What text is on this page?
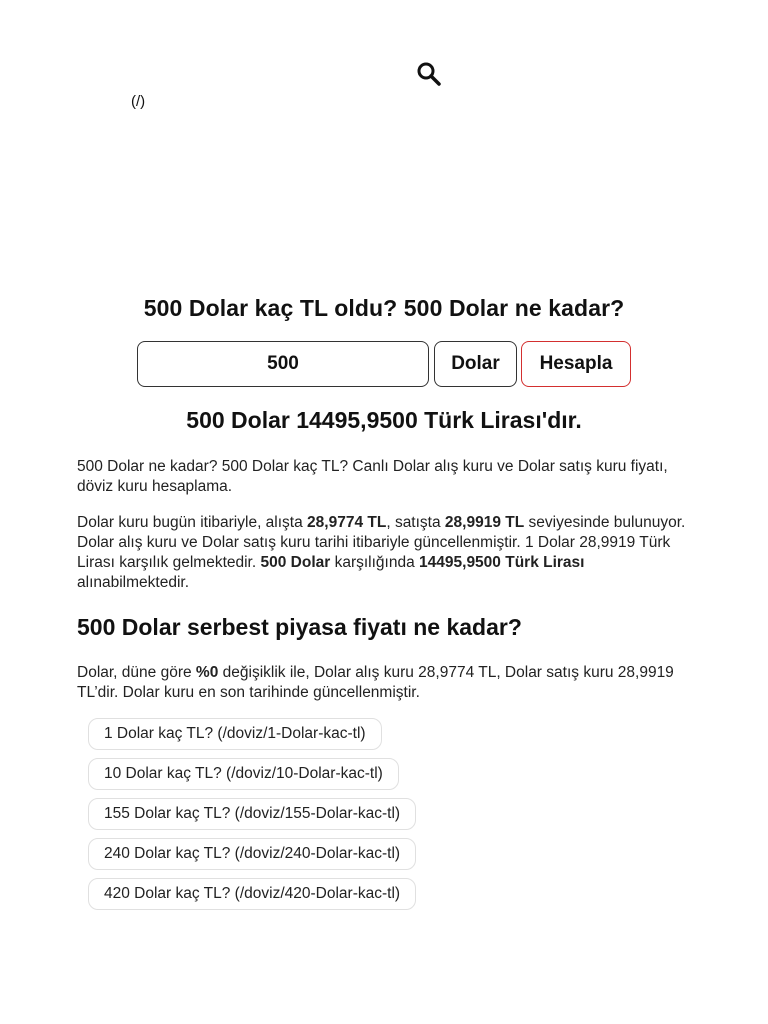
(/)
500 Dolar kaç TL oldu? 500 Dolar ne kadar?
500
Dolar	Hesapla
500 Dolar 14495,9500 Türk Lirası'dır.

500 Dolar ne kadar? 500 Dolar kaç TL? Canlı Dolar alış kuru ve Dolar satış kuru fiyatı, döviz kuru hesaplama.

Dolar kuru bugün itibariyle, alışta 28,9774 TL, satışta 28,9919 TL seviyesinde bulunuyor. Dolar alış kuru ve Dolar satış kuru tarihi itibariyle güncellenmiştir. 1 Dolar 28,9919 Türk Lirası karşılık gelmektedir. 500 Dolar karşılığında 14495,9500 Türk Lirası alınabilmektedir.

500 Dolar serbest piyasa fiyatı ne kadar?

Dolar, düne göre %0 değişiklik ile, Dolar alış kuru 28,9774 TL, Dolar satış kuru 28,9919 TL’dir. Dolar kuru en son tarihinde güncellenmiştir.

1 Dolar kaç TL? (/doviz/1-Dolar-kac-tl)
10 Dolar kaç TL? (/doviz/10-Dolar-kac-tl)
155 Dolar kaç TL? (/doviz/155-Dolar-kac-tl)
240 Dolar kaç TL? (/doviz/240-Dolar-kac-tl)
420 Dolar kaç TL? (/doviz/420-Dolar-kac-tl)
